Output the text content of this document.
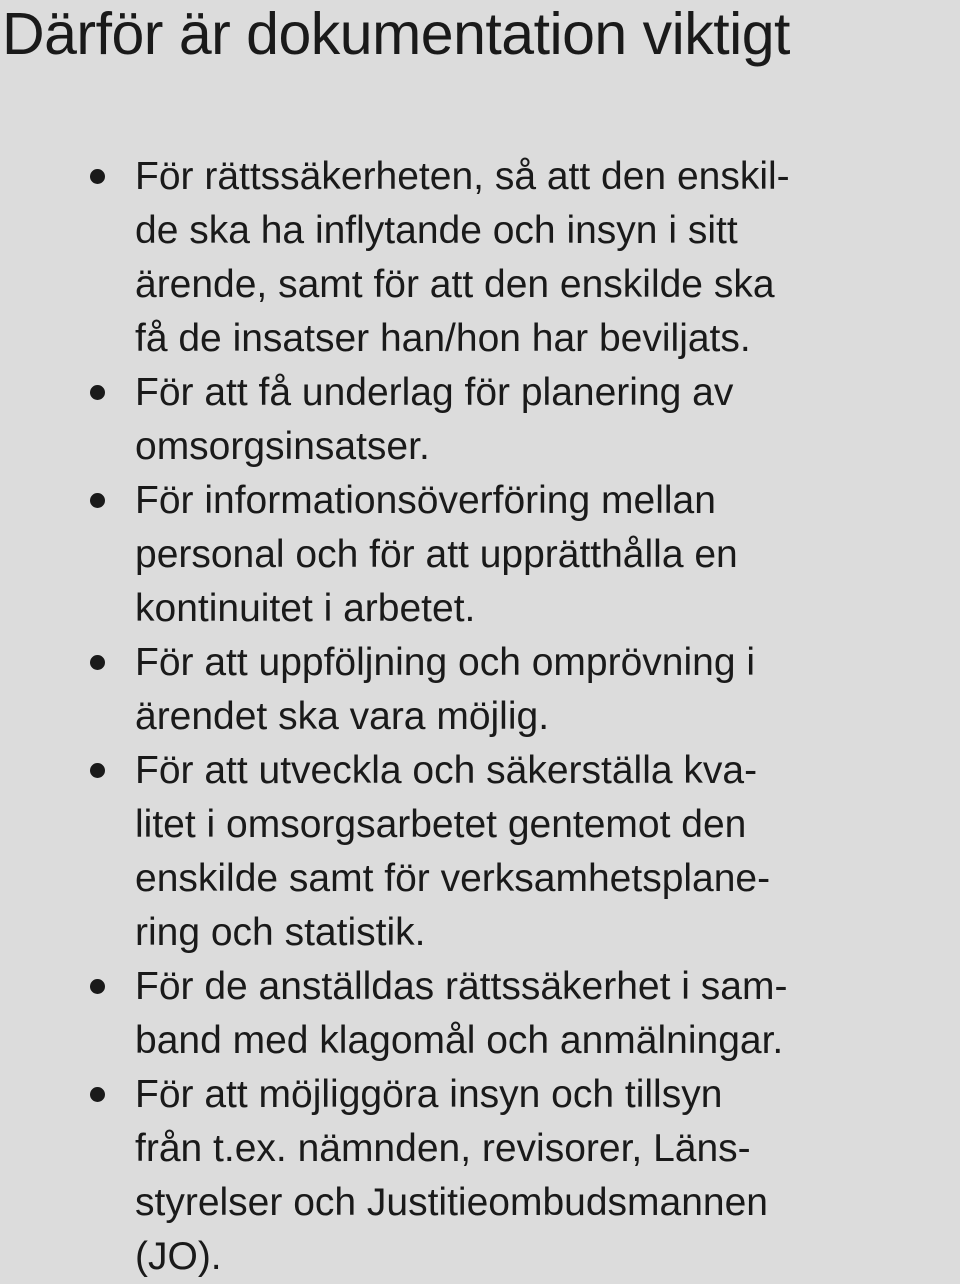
Därför är dokumentation viktigt
För rättssäkerheten, så att den enskil-
de ska ha inflytande och insyn i sitt
ärende, samt för att den enskilde ska
få de insatser han/hon har beviljats.
För att få underlag för planering av
omsorgsinsatser.
För informationsöverföring mellan
personal och för att upprätthålla en
kontinuitet i arbetet.
För att uppföljning och omprövning i
ärendet ska vara möjlig.
För att utveckla och säkerställa kva-
litet i omsorgsarbetet gentemot den
enskilde samt för verksamhetsplane-
ring och statistik.
För de anställdas rättssäkerhet i sam-
band med klagomål och anmälningar.
För att möjliggöra insyn och tillsyn
från t.ex. nämnden, revisorer, Läns-
styrelser och Justitieombudsmannen
(JO).
